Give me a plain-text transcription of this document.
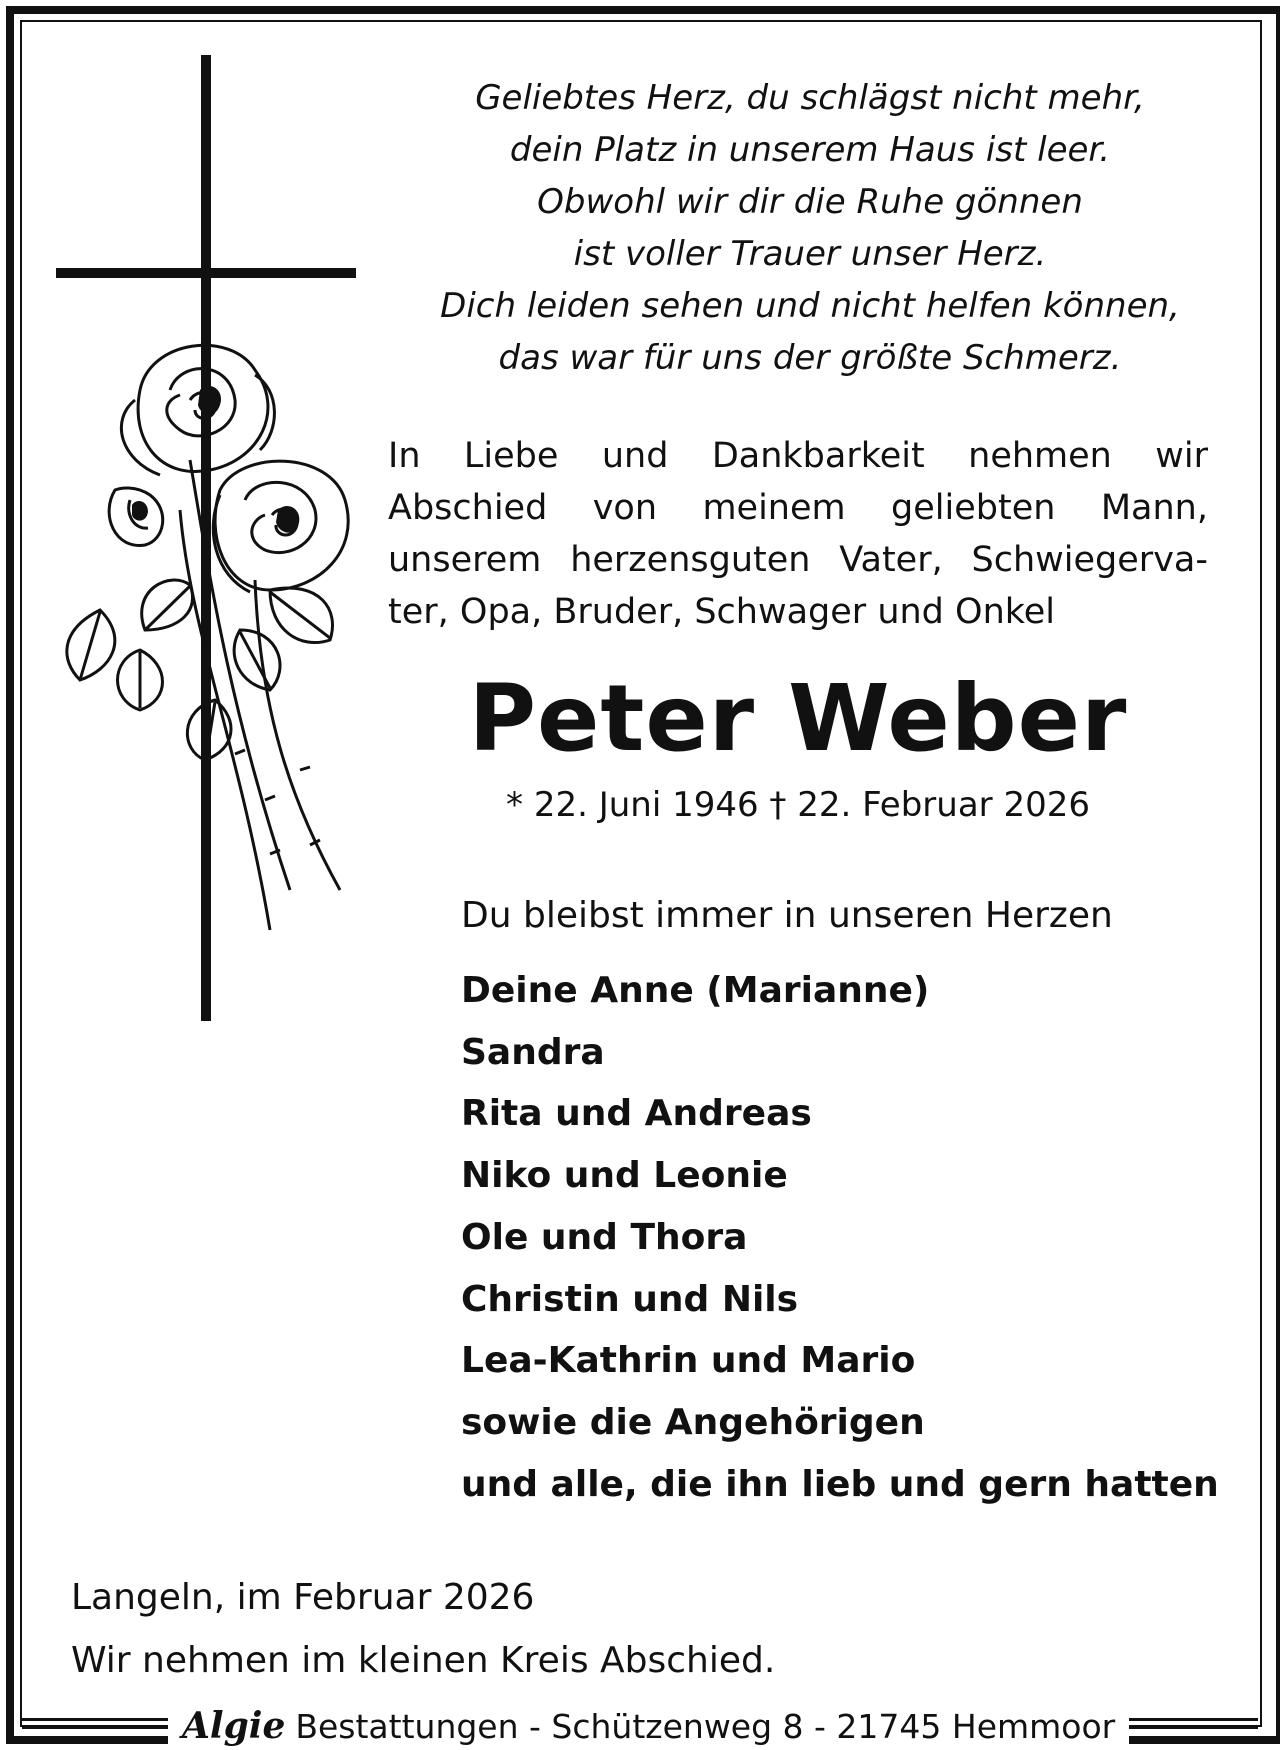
Geliebtes Herz, du schlägst nicht mehr,
dein Platz in unserem Haus ist leer.
Obwohl wir dir die Ruhe gönnen
ist voller Trauer unser Herz.
Dich leiden sehen und nicht helfen können,
das war für uns der größte Schmerz.
In Liebe und Dankbarkeit nehmen wir
Abschied von meinem geliebten Mann,
unserem herzensguten Vater, Schwiegerva-
ter, Opa, Bruder, Schwager und Onkel
Peter Weber
* 22. Juni 1946 † 22. Februar 2026
Du bleibst immer in unseren Herzen
Deine Anne (Marianne)
Sandra
Rita und Andreas
Niko und Leonie
Ole und Thora
Christin und Nils
Lea-Kathrin und Mario
sowie die Angehörigen
und alle, die ihn lieb und gern hatten
Langeln, im Februar 2026
Wir nehmen im kleinen Kreis Abschied.
Algie Bestattungen - Schützenweg 8 - 21745 Hemmoor
